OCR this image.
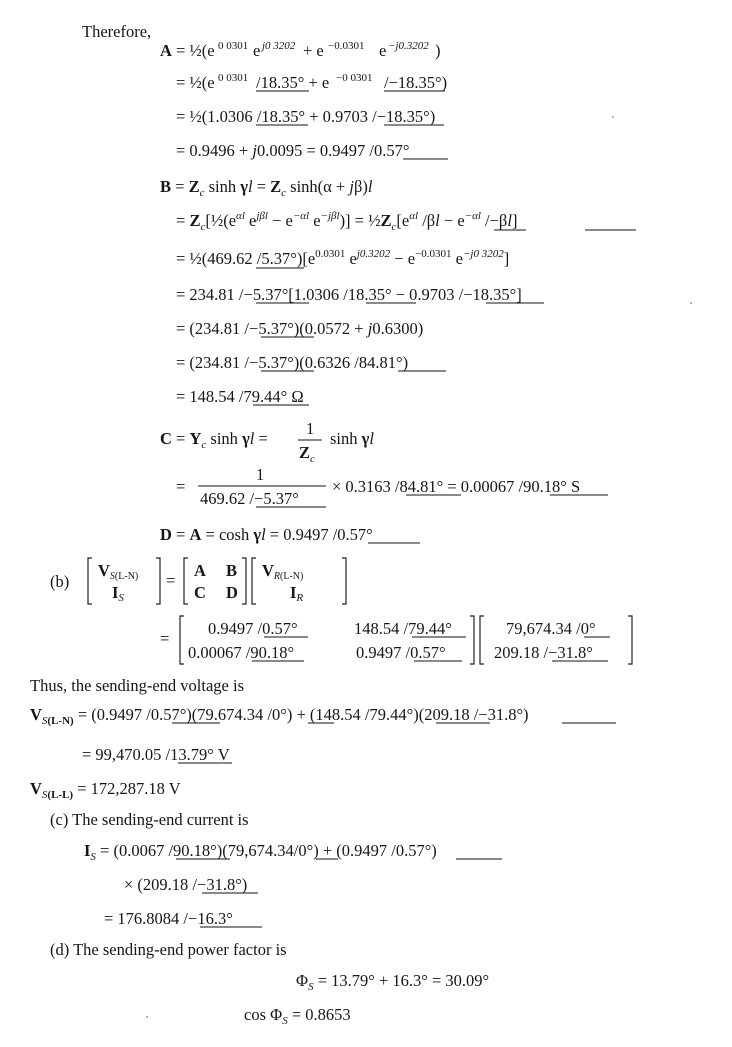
Therefore,
A = ½(e 0 0301 e j0 3202 + e −0.0301 e −j0.3202 )
= ½(e 0 0301 /18.35° + e −0 0301 /−18.35°)
= ½(1.0306 /18.35° + 0.9703 /−18.35°)
= 0.9496 + j0.0095 = 0.9497 /0.57°
$B = Z_c$ $\sinh \gamma l = Z_c$ sinh(α + jβ)l
= $Z_c[\frac{1}{2}(e^{\alpha l}$ $e^{j\beta l} - e^{-\alpha l}$ $e^{-j\beta l}$)] = $\frac{1}{2}Z_c[e^{\alpha l}$ $/\beta l - e^{-\alpha l}$ /−βl]
= ½(469.62 $/5.37^\circ)[e^{0.0301}$ $e^{j0.3202} - e^{-0.0301}$ $e^{-j0 3202}$]
= 234.81 /−5.37°[1.0306 /18.35° − 0.9703 /−18.35°]
= (234.81 /−5.37°)(0.0572 + j0.6300)
= (234.81 /−5.37°)(0.6326 /84.81°)
= 148.54 /79.44° Ω
$C = Y_c$ sinh γl =
1
$Z_c$
sinh γl
=
1
469.62 /−5.37°
× 0.3163 /84.81° = 0.00067 /90.18° S
D = A = cosh γl = 0.9497 /0.57°
(b)
VS(L-N)
IS
=
A B
C D
VR(L-N)
IR
=
0.9497 /0.57°
0.00067 /90.18°
148.54 /79.44°
0.9497 /0.57°
79,674.34 /0°
209.18 /−31.8°
Thus, the sending-end voltage is
$V_S(L-N) = (0.9497$ /0.57°)(79.674.34 /0°) + (148.54 /79.44°)(209.18 /−31.8°)
= 99,470.05 /13.79° V
$V_S(L-L) = 172,287.18$ V
(c) The sending-end current is
$I_S = (0.0067$ /90.18°)(79,674.34/0°) + (0.9497 /0.57°)
× (209.18 /−31.8°)
= 176.8084 /−16.3°
(d) The sending-end power factor is
$\Phi_S = 13.79^\circ + 16.3^\circ = 30.09^\circ$
$\cos \Phi_S = 0.8653$
